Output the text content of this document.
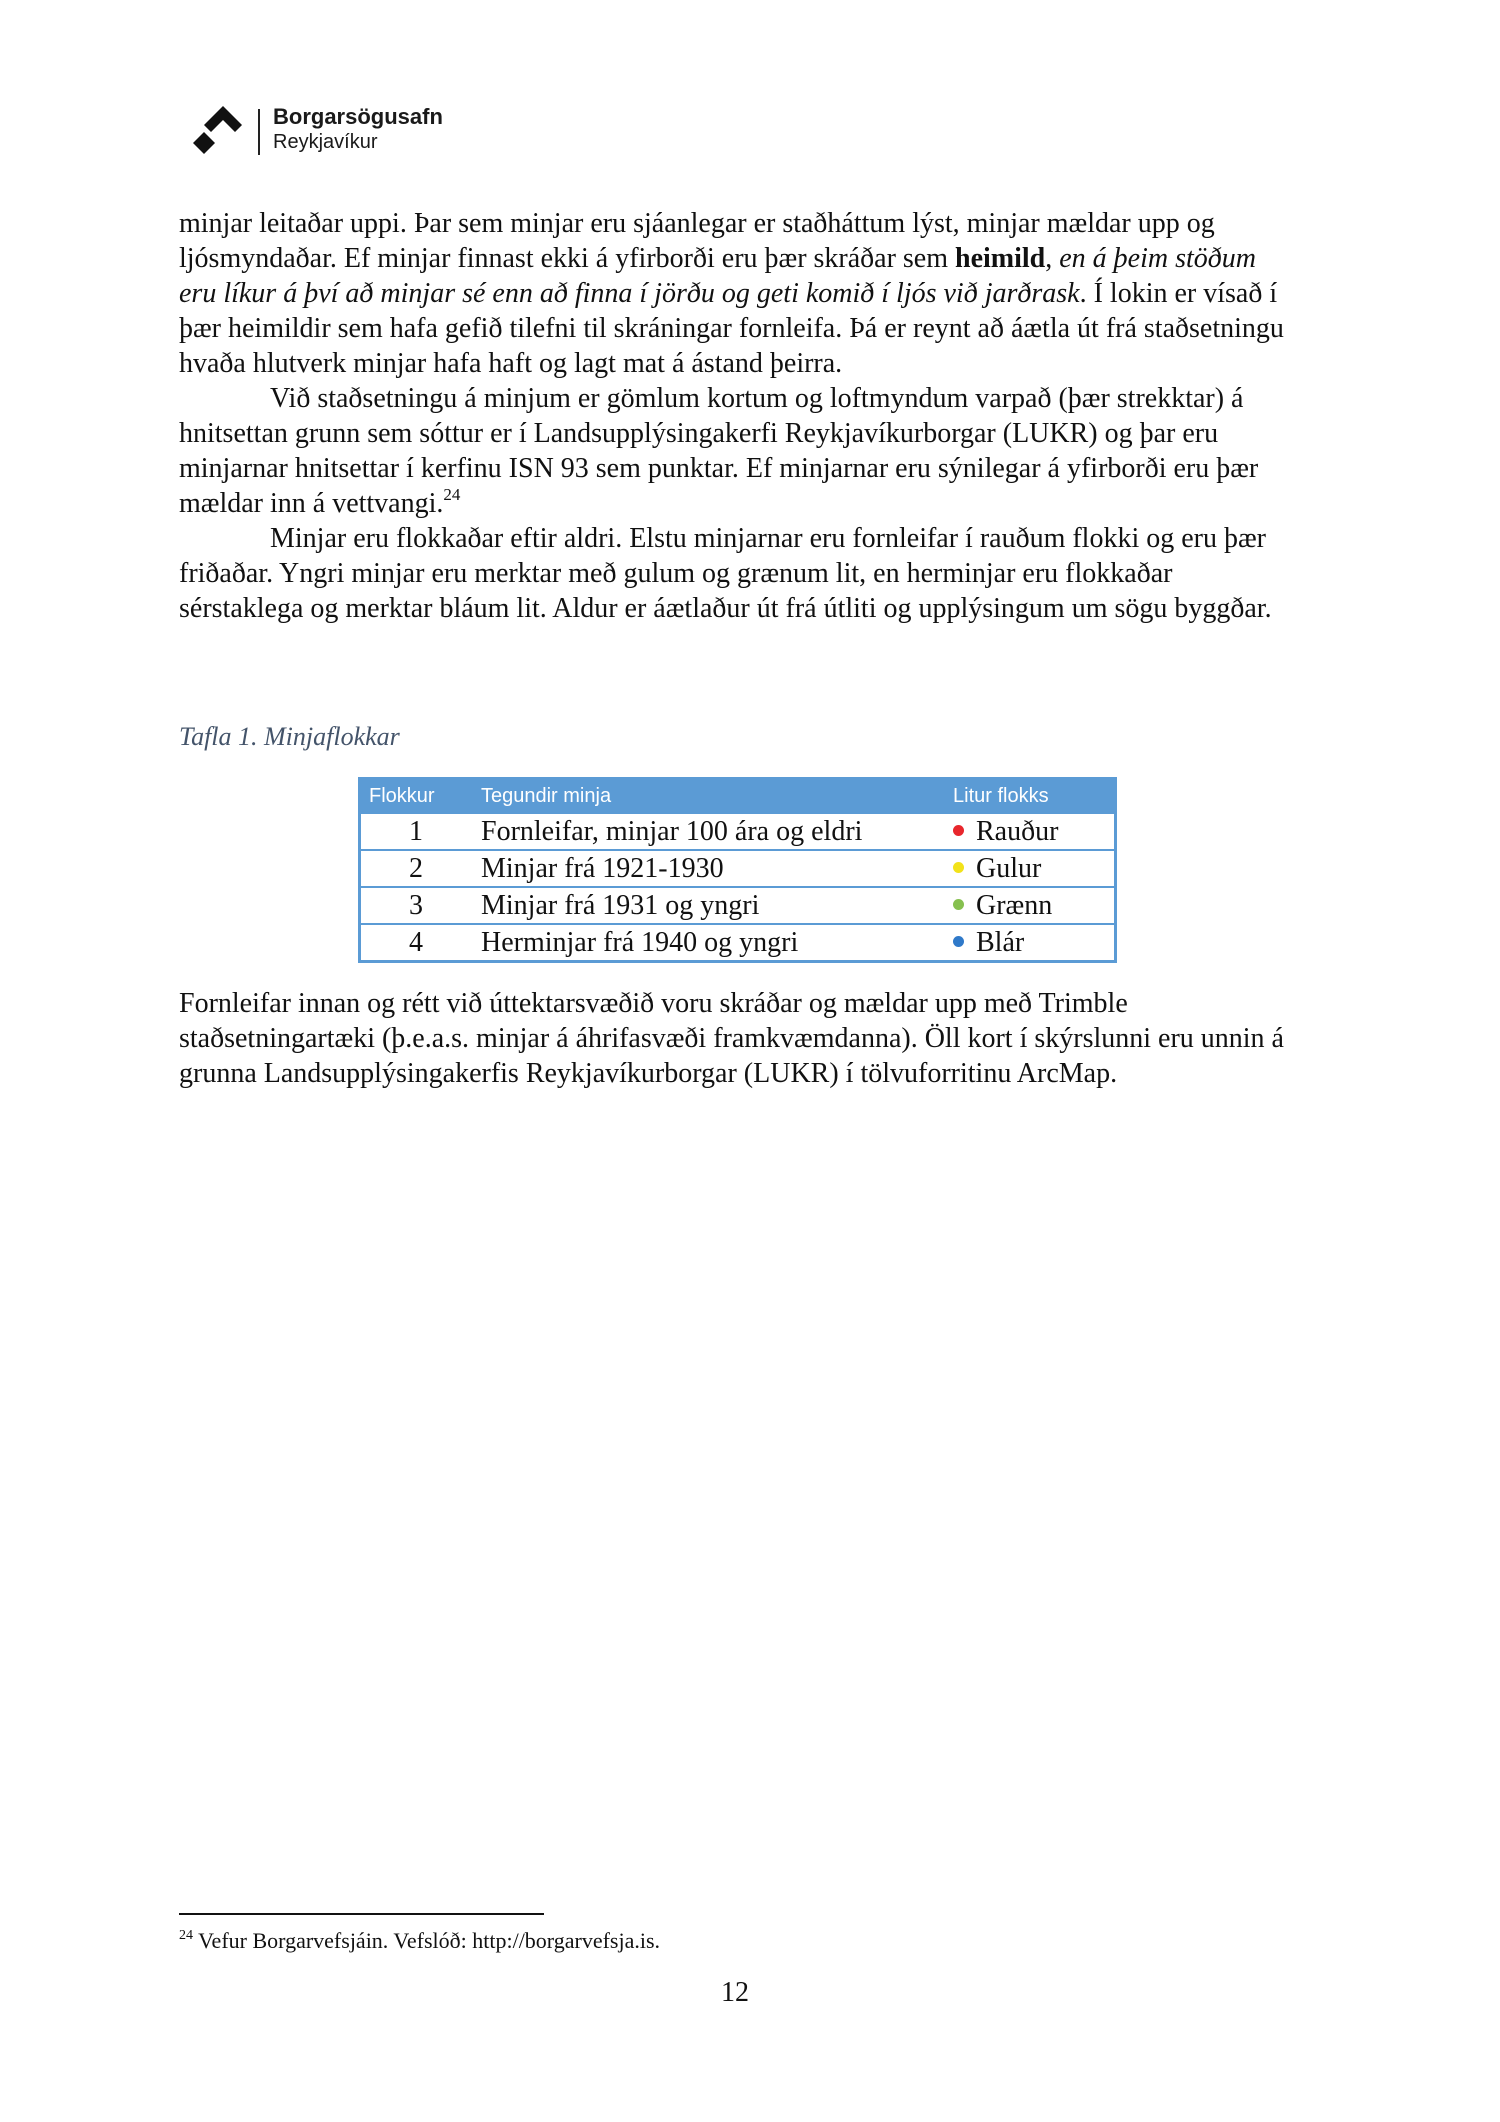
Borgarsögusafn
Reykjavíkur

minjar leitaðar uppi. Þar sem minjar eru sjáanlegar er staðháttum lýst, minjar mældar upp og ljósmyndaðar. Ef minjar finnast ekki á yfirborði eru þær skráðar sem heimild, en á þeim stöðum eru líkur á því að minjar sé enn að finna í jörðu og geti komið í ljós við jarðrask. Í lokin er vísað í þær heimildir sem hafa gefið tilefni til skráningar fornleifa. Þá er reynt að áætla út frá staðsetningu hvaða hlutverk minjar hafa haft og lagt mat á ástand þeirra.

Við staðsetningu á minjum er gömlum kortum og loftmyndum varpað (þær strekktar) á hnitsettan grunn sem sóttur er í Landsupplýsingakerfi Reykjavíkurborgar (LUKR) og þar eru minjarnar hnitsettar í kerfinu ISN 93 sem punktar. Ef minjarnar eru sýnilegar á yfirborði eru þær mældar inn á vettvangi.$^{24}$

Minjar eru flokkaðar eftir aldri. Elstu minjarnar eru fornleifar í rauðum flokki og eru þær friðaðar. Yngri minjar eru merktar með gulum og grænum lit, en herminjar eru flokkaðar sérstaklega og merktar bláum lit. Aldur er áætlaður út frá útliti og upplýsingum um sögu byggðar.

Tafla 1. Minjaflokkar
Flokkur	Tegundir minja	Litur flokks
1	Fornleifar, minjar 100 ára og eldri	Rauður
2	Minjar frá 1921-1930	Gulur
3	Minjar frá 1931 og yngri	Grænn
4	Herminjar frá 1940 og yngri	Blár

Fornleifar innan og rétt við úttektarsvæðið voru skráðar og mældar upp með Trimble staðsetningartæki (þ.e.a.s. minjar á áhrifasvæði framkvæmdanna). Öll kort í skýrslunni eru unnin á grunna Landsupplýsingakerfis Reykjavíkurborgar (LUKR) í tölvuforritinu ArcMap.

$^{24}$ Vefur Borgarvefsjáin. Vefslóð: http://borgarvefsja.is.
12
